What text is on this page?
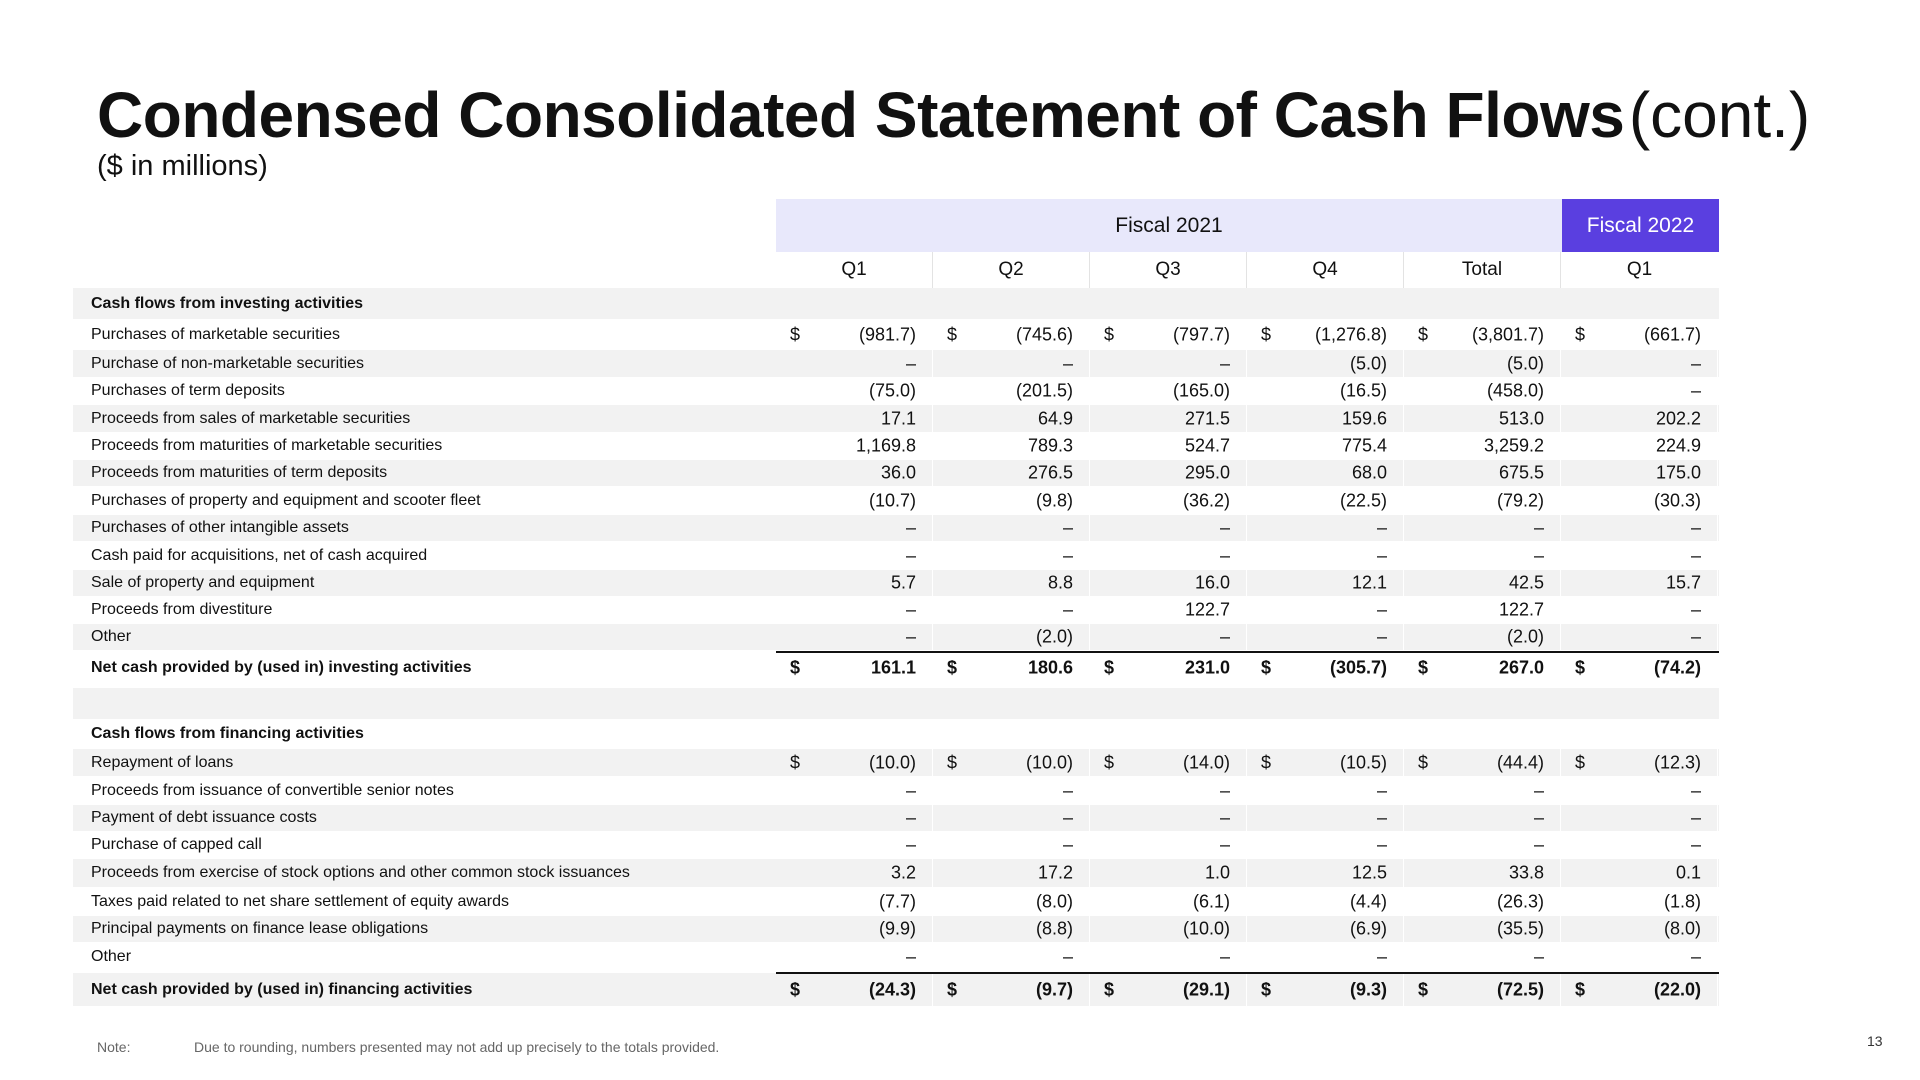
Condensed Consolidated Statement of Cash Flows (cont.)
($ in millions)
Fiscal 2021	Fiscal 2022
Q1	Q2	Q3	Q4	Total	Q1
Cash flows from investing activities
Purchases of marketable securities	$	(981.7) $	(745.6) $	(797.7) $ (1,276.8) $ (3,801.7) $	(661.7)
Purchase of non-marketable securities	–	–	–	(5.0)	(5.0)	–
Purchases of term deposits	(75.0)	(201.5)	(165.0)	(16.5)	(458.0)	–
Proceeds from sales of marketable securities	17.1	64.9	271.5	159.6	513.0	202.2
Proceeds from maturities of marketable securities	1,169.8	789.3	524.7	775.4	3,259.2	224.9
Proceeds from maturities of term deposits	36.0	276.5	295.0	68.0	675.5	175.0
Purchases of property and equipment and scooter fleet	(10.7)	(9.8)	(36.2)	(22.5)	(79.2)	(30.3)
Purchases of other intangible assets	–	–	–	–	–	–
Cash paid for acquisitions, net of cash acquired	–	–	–	–	–	–
Sale of property and equipment	5.7	8.8	16.0	12.1	42.5	15.7
Proceeds from divestiture	–	–	122.7	–	122.7	–
Other	–	(2.0)	–	–	(2.0)	–
Net cash provided by (used in) investing activities	$	161.1 $	180.6 $	231.0 $	(305.7) $	267.0 $	(74.2)
Cash flows from financing activities
Repayment of loans	$	(10.0) $	(10.0) $	(14.0) $	(10.5) $	(44.4) $	(12.3)
Proceeds from issuance of convertible senior notes	–	–	–	–	–	–
Payment of debt issuance costs	–	–	–	–	–	–
Purchase of capped call	–	–	–	–	–	–
Proceeds from exercise of stock options and other common stock issuances	3.2	17.2	1.0	12.5	33.8	0.1
Taxes paid related to net share settlement of equity awards	(7.7)	(8.0)	(6.1)	(4.4)	(26.3)	(1.8)
Principal payments on finance lease obligations	(9.9)	(8.8)	(10.0)	(6.9)	(35.5)	(8.0)
Other	–	–	–	–	–	–
Net cash provided by (used in) financing activities	$	(24.3) $	(9.7) $	(29.1) $	(9.3) $	(72.5) $	(22.0)
Note:	Due to rounding, numbers presented may not add up precisely to the totals provided.	13
